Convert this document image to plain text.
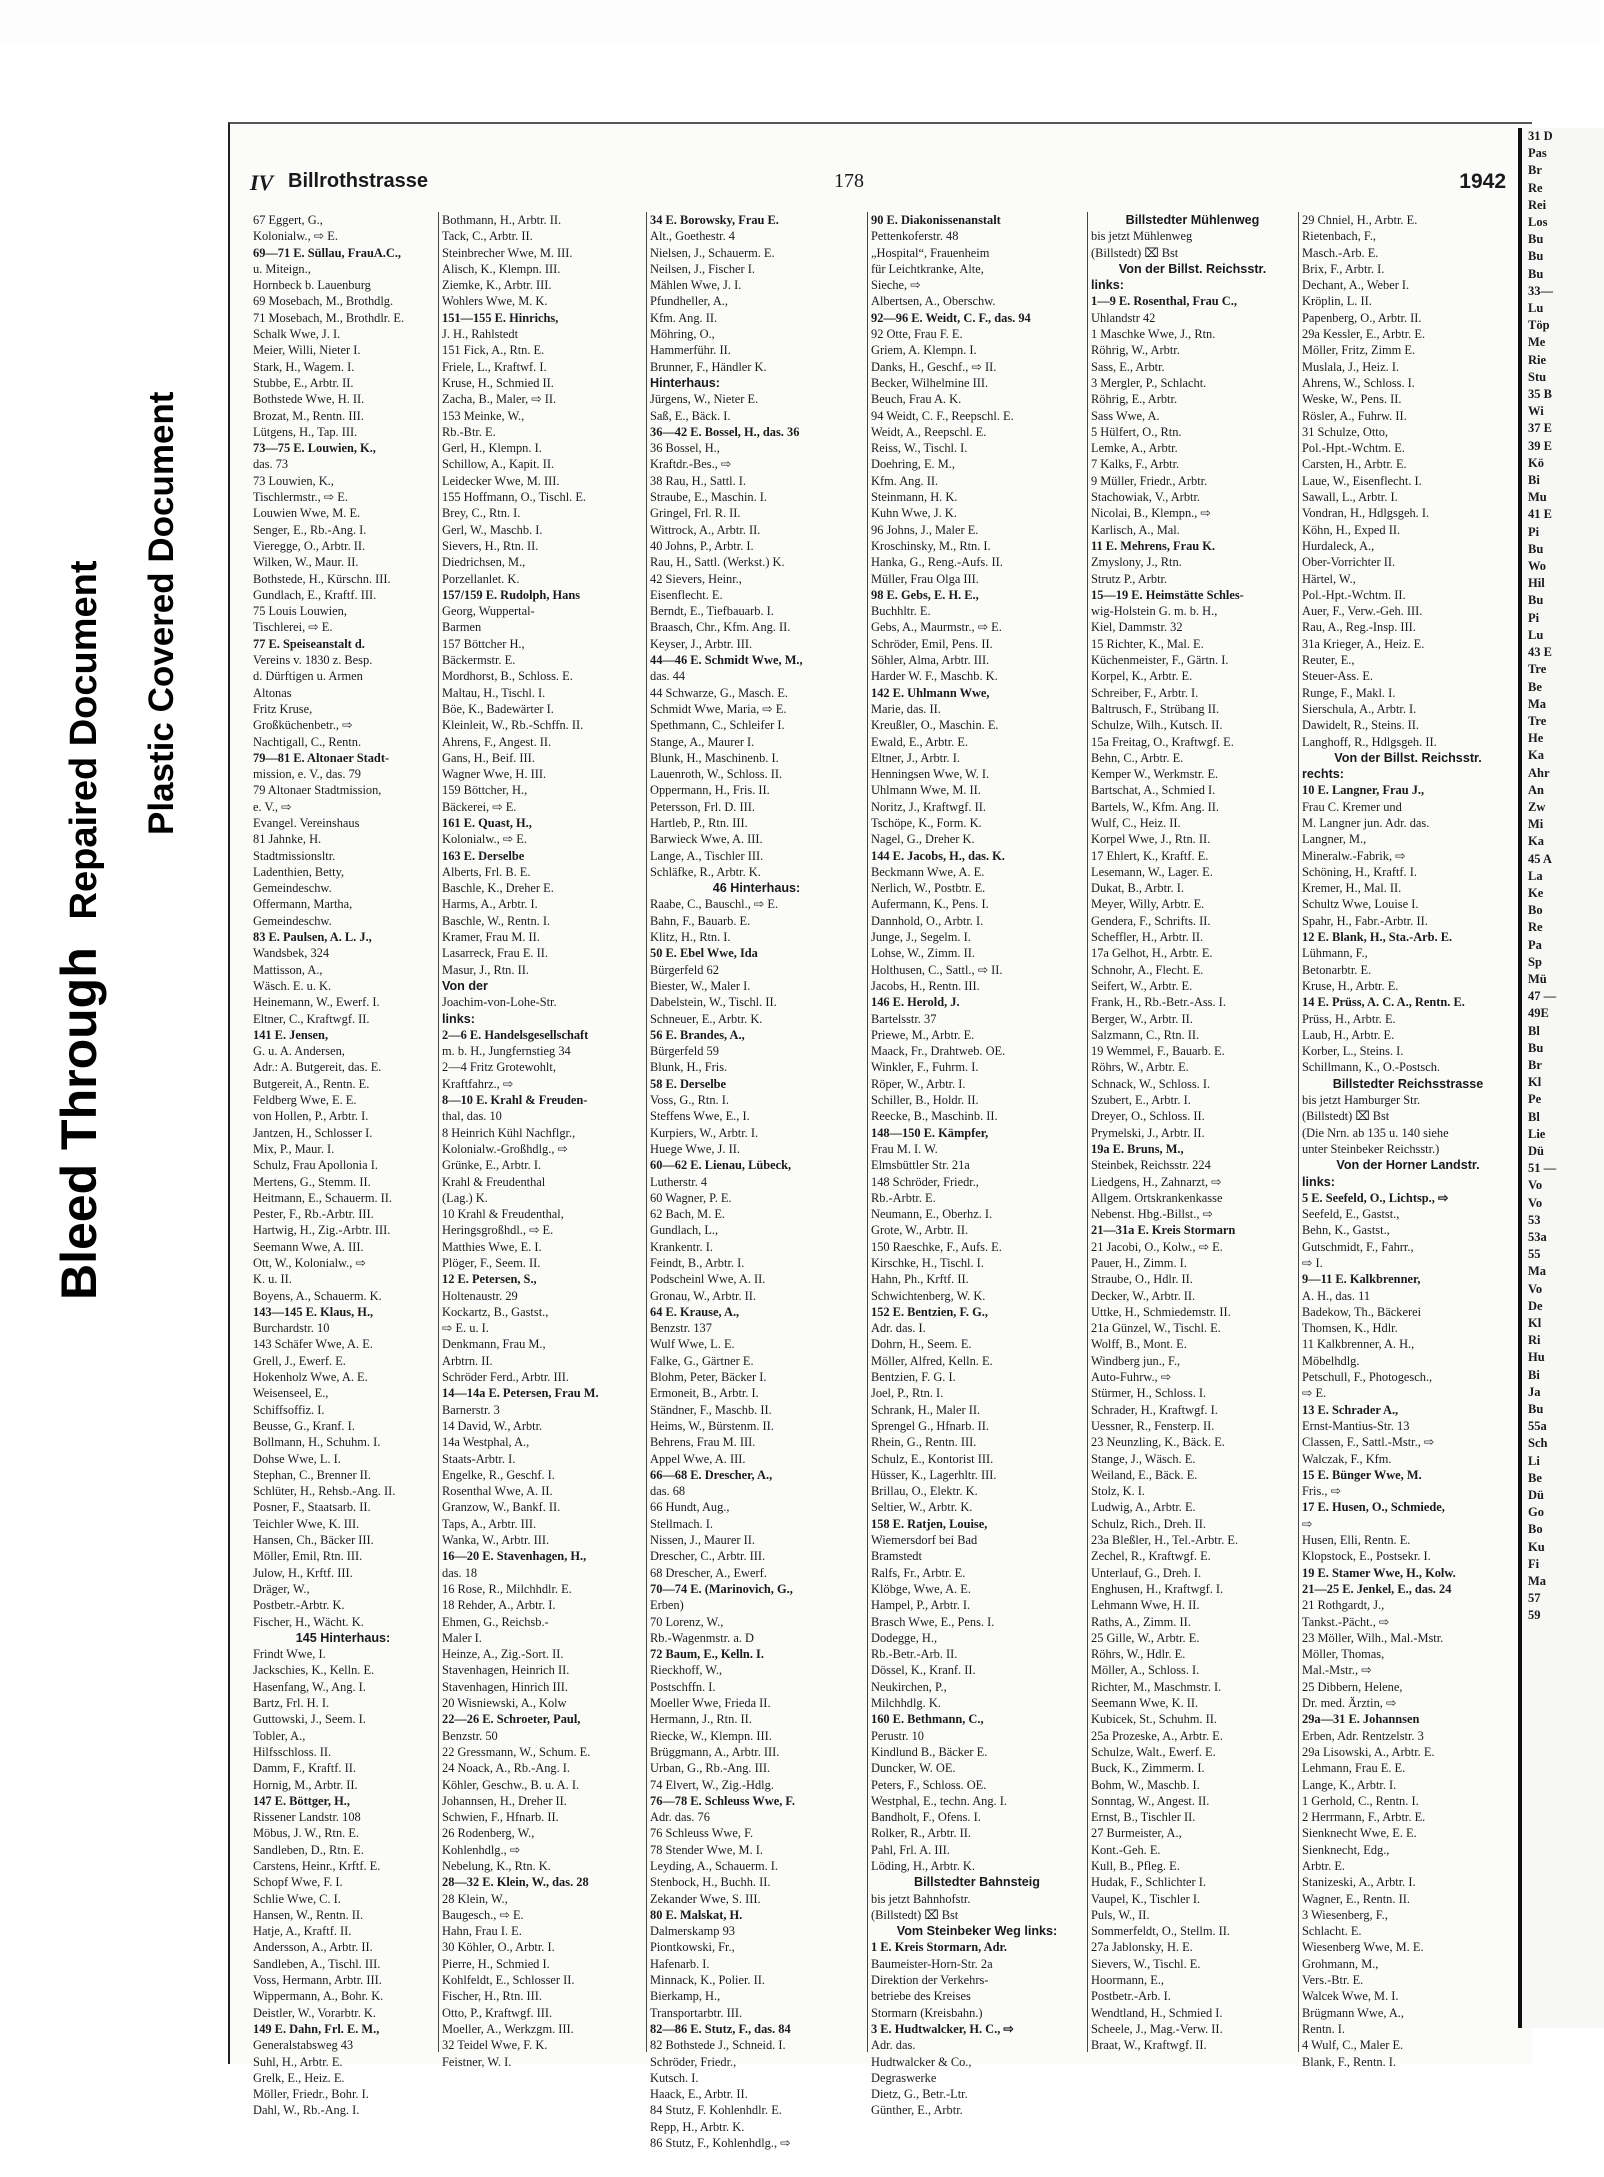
Bleed Through  Repaired Document Plastic Covered Document
IV Billrothstrasse	178	1942
67 Eggert, G.,
Kolonialw., ⇨ E.
69—71 E. Süllau, FrauA.C.,
u. Miteign.,
Hornbeck b. Lauenburg
69 Mosebach, M., Brothdlg.
71 Mosebach, M., Brothdlr. E.
Schalk Wwe, J. I.
Meier, Willi, Nieter I.
Stark, H., Wagem. I.
Stubbe, E., Arbtr. II.
Bothstede Wwe, H. II.
Brozat, M., Rentn. III.
Lütgens, H., Tap. III.
73—75 E. Louwien, K.,
das. 73
73 Louwien, K.,
Tischlermstr., ⇨ E.
Louwien Wwe, M. E.
Senger, E., Rb.-Ang. I.
Vieregge, O., Arbtr. II.
Wilken, W., Maur. II.
Bothstede, H., Kürschn. III.
Gundlach, E., Kraftf. III.
75 Louis Louwien,
Tischlerei, ⇨ E.
77 E. Speiseanstalt d.
Vereins v. 1830 z. Besp.
d. Dürftigen u. Armen
Altonas
Fritz Kruse,
Großküchenbetr., ⇨
Nachtigall, C., Rentn.
79—81 E. Altonaer Stadt-
mission, e. V., das. 79
79 Altonaer Stadtmission,
e. V., ⇨
Evangel. Vereinshaus
81 Jahnke, H.
Stadtmissionsltr.
Ladenthien, Betty,
Gemeindeschw.
Offermann, Martha,
Gemeindeschw.
83 E. Paulsen, A. L. J.,
Wandsbek, 324
Mattisson, A.,
Wäsch. E. u. K.
Heinemann, W., Ewerf. I.
Eltner, C., Kraftwgf. II.
141 E. Jensen,
G. u. A. Andersen,
Adr.: A. Butgereit, das. E.
Butgereit, A., Rentn. E.
Feldberg Wwe, E. E.
von Hollen, P., Arbtr. I.
Jantzen, H., Schlosser I.
Mix, P., Maur. I.
Schulz, Frau Apollonia I.
Mertens, G., Stemm. II.
Heitmann, E., Schauerm. II.
Pester, F., Rb.-Arbtr. III.
Hartwig, H., Zig.-Arbtr. III.
Seemann Wwe, A. III.
Ott, W., Kolonialw., ⇨
K. u. II.
Boyens, A., Schauerm. K.
143—145 E. Klaus, H.,
Burchardstr. 10
143 Schäfer Wwe, A. E.
Grell, J., Ewerf. E.
Hokenholz Wwe, A. E.
Weisenseel, E.,
Schiffsoffiz. I.
Beusse, G., Kranf. I.
Bollmann, H., Schuhm. I.
Dohse Wwe, L. I.
Stephan, C., Brenner II.
Schlüter, H., Rehsb.-Ang. II.
Posner, F., Staatsarb. II.
Teichler Wwe, K. III.
Hansen, Ch., Bäcker III.
Möller, Emil, Rtn. III.
Julow, H., Krftf. III.
Dräger, W.,
Postbetr.-Arbtr. K.
Fischer, H., Wächt. K.
145 Hinterhaus:
Frindt Wwe, I.
Jackschies, K., Kelln. E.
Hasenfang, W., Ang. I.
Bartz, Frl. H. I.
Guttowski, J., Seem. I.
Tobler, A.,
Hilfsschloss. II.
Damm, F., Kraftf. II.
Hornig, M., Arbtr. II.
147 E. Böttger, H.,
Rissener Landstr. 108
Möbus, J. W., Rtn. E.
Sandleben, D., Rtn. E.
Carstens, Heinr., Krftf. E.
Schopf Wwe, F. I.
Schlie Wwe, C. I.
Hansen, W., Rentn. II.
Hatje, A., Kraftf. II.
Andersson, A., Arbtr. II.
Sandleben, A., Tischl. III.
Voss, Hermann, Arbtr. III.
Wippermann, A., Bohr. K.
Deistler, W., Vorarbtr. K.
149 E. Dahn, Frl. E. M.,
Generalstabsweg 43
Suhl, H., Arbtr. E.
Grelk, E., Heiz. E.
Möller, Friedr., Bohr. I.
Dahl, W., Rb.-Ang. I.
Bothmann, H., Arbtr. II.
Tack, C., Arbtr. II.
Steinbrecher Wwe, M. III.
Alisch, K., Klempn. III.
Ziemke, K., Arbtr. III.
Wohlers Wwe, M. K.
151—155 E. Hinrichs,
J. H., Rahlstedt
151 Fick, A., Rtn. E.
Friele, L., Kraftwf. I.
Kruse, H., Schmied II.
Zacha, B., Maler, ⇨ II.
153 Meinke, W.,
Rb.-Btr. E.
Gerl, H., Klempn. I.
Schillow, A., Kapit. II.
Leidecker Wwe, M. III.
155 Hoffmann, O., Tischl. E.
Brey, C., Rtn. I.
Gerl, W., Maschb. I.
Sievers, H., Rtn. II.
Diedrichsen, M.,
Porzellanlet. K.
157/159 E. Rudolph, Hans
Georg, Wuppertal-
Barmen
157 Böttcher H.,
Bäckermstr. E.
Mordhorst, B., Schloss. E.
Maltau, H., Tischl. I.
Böe, K., Badewärter I.
Kleinleit, W., Rb.-Schffn. II.
Ahrens, F., Angest. II.
Gans, H., Beif. III.
Wagner Wwe, H. III.
159 Böttcher, H.,
Bäckerei, ⇨ E.
161 E. Quast, H.,
Kolonialw., ⇨ E.
163 E. Derselbe
Alberts, Frl. B. E.
Baschle, K., Dreher E.
Harms, A., Arbtr. I.
Baschle, W., Rentn. I.
Kramer, Frau M. II.
Lasarreck, Frau E. II.
Masur, J., Rtn. II.
Von der
Joachim-von-Lohe-Str.
links:
2—6 E. Handelsgesellschaft
m. b. H., Jungfernstieg 34
2—4 Fritz Grotewohlt,
Kraftfahrz., ⇨
8—10 E. Krahl & Freuden-
thal, das. 10
8 Heinrich Kühl Nachflgr.,
Kolonialw.-Großhdlg., ⇨
Grünke, E., Arbtr. I.
Krahl & Freudenthal
(Lag.) K.
10 Krahl & Freudenthal,
Heringsgroßhdl., ⇨ E.
Matthies Wwe, E. I.
Plöger, F., Seem. II.
12 E. Petersen, S.,
Holtenaustr. 29
Kockartz, B., Gastst.,
⇨ E. u. I.
Denkmann, Frau M.,
Arbtrn. II.
Schröder Ferd., Arbtr. III.
14—14a E. Petersen, Frau M.
Barnerstr. 3
14 David, W., Arbtr.
14a Westphal, A.,
Staats-Arbtr. I.
Engelke, R., Geschf. I.
Rosenthal Wwe, A. II.
Granzow, W., Bankf. II.
Taps, A., Arbtr. III.
Wanka, W., Arbtr. III.
16—20 E. Stavenhagen, H.,
das. 18
16 Rose, R., Milchhdlr. E.
18 Rehder, A., Arbtr. I.
Ehmen, G., Reichsb.-
Maler I.
Heinze, A., Zig.-Sort. II.
Stavenhagen, Heinrich II.
Stavenhagen, Hinrich III.
20 Wisniewski, A., Kolw
22—26 E. Schroeter, Paul,
Benzstr. 50
22 Gressmann, W., Schum. E.
24 Noack, A., Rb.-Ang. I.
Köhler, Geschw., B. u. A. I.
Johannsen, H., Dreher II.
Schwien, F., Hfnarb. II.
26 Rodenberg, W.,
Kohlenhdlg., ⇨
Nebelung, K., Rtn. K.
28—32 E. Klein, W., das. 28
28 Klein, W.,
Baugesch., ⇨ E.
Hahn, Frau I. E.
30 Köhler, O., Arbtr. I.
Pierre, H., Schmied I.
Kohlfeldt, E., Schlosser II.
Fischer, H., Rtn. III.
Otto, P., Kraftwgf. III.
Moeller, A., Werkzgm. III.
32 Teidel Wwe, F. K.
Feistner, W. I.
34 E. Borowsky, Frau E.
Alt., Goethestr. 4
Nielsen, J., Schauerm. E.
Neilsen, J., Fischer I.
Mählen Wwe, J. I.
Pfundheller, A.,
Kfm. Ang. II.
Möhring, O.,
Hammerführ. II.
Brunner, F., Händler K.
Hinterhaus:
Jürgens, W., Nieter E.
Saß, E., Bäck. I.
36—42 E. Bossel, H., das. 36
36 Bossel, H.,
Kraftdr.-Bes., ⇨
38 Rau, H., Sattl. I.
Straube, E., Maschin. I.
Gringel, Frl. R. II.
Wittrock, A., Arbtr. II.
40 Johns, P., Arbtr. I.
Rau, H., Sattl. (Werkst.) K.
42 Sievers, Heinr.,
Eisenflecht. E.
Berndt, E., Tiefbauarb. I.
Braasch, Chr., Kfm. Ang. II.
Keyser, J., Arbtr. III.
44—46 E. Schmidt Wwe, M.,
das. 44
44 Schwarze, G., Masch. E.
Schmidt Wwe, Maria, ⇨ E.
Spethmann, C., Schleifer I.
Stange, A., Maurer I.
Blunk, H., Maschinenb. I.
Lauenroth, W., Schloss. II.
Oppermann, H., Fris. II.
Petersson, Frl. D. III.
Hartleb, P., Rtn. III.
Barwieck Wwe, A. III.
Lange, A., Tischler III.
Schläfke, R., Arbtr. K.
46 Hinterhaus:
Raabe, C., Bauschl., ⇨ E.
Bahn, F., Bauarb. E.
Klitz, H., Rtn. I.
50 E. Ebel Wwe, Ida
Bürgerfeld 62
Biester, W., Maler I.
Dabelstein, W., Tischl. II.
Schneuer, E., Arbtr. K.
56 E. Brandes, A.,
Bürgerfeld 59
Blunk, H., Fris.
58 E. Derselbe
Voss, G., Rtn. I.
Steffens Wwe, E., I.
Kurpiers, W., Arbtr. I.
Huege Wwe, J. II.
60—62 E. Lienau, Lübeck,
Lutherstr. 4
60 Wagner, P. E.
62 Bach, M. E.
Gundlach, L.,
Krankentr. I.
Feindt, B., Arbtr. I.
Podscheinl Wwe, A. II.
Gronau, W., Arbtr. II.
64 E. Krause, A.,
Benzstr. 137
Wulf Wwe, L. E.
Falke, G., Gärtner E.
Blohm, Peter, Bäcker I.
Ermoneit, B., Arbtr. I.
Ständner, F., Maschb. II.
Heims, W., Bürstenm. II.
Behrens, Frau M. III.
Appel Wwe, A. III.
66—68 E. Drescher, A.,
das. 68
66 Hundt, Aug.,
Stellmach. I.
Nissen, J., Maurer II.
Drescher, C., Arbtr. III.
68 Drescher, A., Ewerf.
70—74 E. (Marinovich, G.,
Erben)
70 Lorenz, W.,
Rb.-Wagenmstr. a. D
72 Baum, E., Kelln. I.
Rieckhoff, W.,
Postschffn. I.
Moeller Wwe, Frieda II.
Hermann, J., Rtn. II.
Riecke, W., Klempn. III.
Brüggmann, A., Arbtr. III.
Urban, G., Rb.-Ang. III.
74 Elvert, W., Zig.-Hdlg.
76—78 E. Schleuss Wwe, F.
Adr. das. 76
76 Schleuss Wwe, F.
78 Stender Wwe, M. I.
Leyding, A., Schauerm. I.
Stenbock, H., Buchh. II.
Zekander Wwe, S. III.
80 E. Malskat, H.
Dalmerskamp 93
Piontkowski, Fr.,
Hafenarb. I.
Minnack, K., Polier. II.
Bierkamp, H.,
Transportarbtr. III.
82—86 E. Stutz, F., das. 84
82 Bothstede J., Schneid. I.
Schröder, Friedr.,
Kutsch. I.
Haack, E., Arbtr. II.
84 Stutz, F. Kohlenhdlr. E.
Repp, H., Arbtr. K.
86 Stutz, F., Kohlenhdlg., ⇨
90 E. Diakonissenanstalt
Pettenkoferstr. 48
„Hospital“, Frauenheim
für Leichtkranke, Alte,
Sieche, ⇨
Albertsen, A., Oberschw.
92—96 E. Weidt, C. F., das. 94
92 Otte, Frau F. E.
Griem, A. Klempn. I.
Danks, H., Geschf., ⇨ II.
Becker, Wilhelmine III.
Beuch, Frau A. K.
94 Weidt, C. F., Reepschl. E.
Weidt, A., Reepschl. E.
Reiss, W., Tischl. I.
Doehring, E. M.,
Kfm. Ang. II.
Steinmann, H. K.
Kuhn Wwe, J. K.
96 Johns, J., Maler E.
Kroschinsky, M., Rtn. I.
Hanka, G., Reng.-Aufs. II.
Müller, Frau Olga III.
98 E. Gebs, E. H. E.,
Buchhltr. E.
Gebs, A., Maurmstr., ⇨ E.
Schröder, Emil, Pens. II.
Söhler, Alma, Arbtr. III.
Harder W. F., Maschb. K.
142 E. Uhlmann Wwe,
Marie, das. II.
Kreußler, O., Maschin. E.
Ewald, E., Arbtr. E.
Eltner, J., Arbtr. I.
Henningsen Wwe, W. I.
Uhlmann Wwe, M. II.
Noritz, J., Kraftwgf. II.
Tschöpe, K., Form. K.
Nagel, G., Dreher K.
144 E. Jacobs, H., das. K.
Beckmann Wwe, A. E.
Nerlich, W., Postbtr. E.
Aufermann, K., Pens. I.
Dannhold, O., Arbtr. I.
Junge, J., Segelm. I.
Lohse, W., Zimm. II.
Holthusen, C., Sattl., ⇨ II.
Jacobs, H., Rentn. III.
146 E. Herold, J.
Bartelsstr. 37
Priewe, M., Arbtr. E.
Maack, Fr., Drahtweb. OE.
Winkler, F., Fuhrm. I.
Röper, W., Arbtr. I.
Schiller, B., Holdr. II.
Reecke, B., Maschinb. II.
148—150 E. Kämpfer,
Frau M. I. W.
Elmsbüttler Str. 21a
148 Schröder, Friedr.,
Rb.-Arbtr. E.
Neumann, E., Oberhz. I.
Grote, W., Arbtr. II.
150 Raeschke, F., Aufs. E.
Kirschke, H., Tischl. I.
Hahn, Ph., Krftf. II.
Schwichtenberg, W. K.
152 E. Bentzien, F. G.,
Adr. das. I.
Dohrn, H., Seem. E.
Möller, Alfred, Kelln. E.
Bentzien, F. G. I.
Joel, P., Rtn. I.
Schrank, H., Maler II.
Sprengel G., Hfnarb. II.
Rhein, G., Rentn. III.
Schulz, E., Kontorist III.
Hüsser, K., Lagerhltr. III.
Brillau, O., Elektr. K.
Seltier, W., Arbtr. K.
158 E. Ratjen, Louise,
Wiemersdorf bei Bad
Bramstedt
Ralfs, Fr., Arbtr. E.
Klöbge, Wwe, A. E.
Hampel, P., Arbtr. I.
Brasch Wwe, E., Pens. I.
Dodegge, H.,
Rb.-Betr.-Arb. II.
Dössel, K., Kranf. II.
Neukirchen, P.,
Milchhdlg. K.
160 E. Bethmann, C.,
Perustr. 10
Kindlund B., Bäcker E.
Duncker, W. OE.
Peters, F., Schloss. OE.
Westphal, E., techn. Ang. I.
Bandholt, F., Ofens. I.
Rolker, R., Arbtr. II.
Pahl, Frl. A. III.
Löding, H., Arbtr. K.
Billstedter Bahnsteig
bis jetzt Bahnhofstr.
(Billstedt) ⌧ Bst
Vom Steinbeker Weg links:
1 E. Kreis Stormarn, Adr.
Baumeister-Horn-Str. 2a
Direktion der Verkehrs-
betriebe des Kreises
Stormarn (Kreisbahn.)
3 E. Hudtwalcker, H. C., ⇨
Adr. das.
Hudtwalcker & Co.,
Degraswerke
Dietz, G., Betr.-Ltr.
Günther, E., Arbtr.
Billstedter Mühlenweg
bis jetzt Mühlenweg
(Billstedt) ⌧ Bst
Von der Billst. Reichsstr.
links:
1—9 E. Rosenthal, Frau C.,
Uhlandstr 42
1 Maschke Wwe, J., Rtn.
Röhrig, W., Arbtr.
Sass, E., Arbtr.
3 Mergler, P., Schlacht.
Röhrig, E., Arbtr.
Sass Wwe, A.
5 Hülfert, O., Rtn.
Lemke, A., Arbtr.
7 Kalks, F., Arbtr.
9 Müller, Friedr., Arbtr.
Stachowiak, V., Arbtr.
Nicolai, B., Klempn., ⇨
Karlisch, A., Mal.
11 E. Mehrens, Frau K.
Zmyslony, J., Rtn.
Strutz P., Arbtr.
15—19 E. Heimstätte Schles-
wig-Holstein G. m. b. H.,
Kiel, Dammstr. 32
15 Richter, K., Mal. E.
Küchenmeister, F., Gärtn. I.
Korpel, K., Arbtr. E.
Schreiber, F., Arbtr. I.
Baltrusch, F., Strübang II.
Schulze, Wilh., Kutsch. II.
15a Freitag, O., Kraftwgf. E.
Behn, C., Arbtr. E.
Kemper W., Werkmstr. E.
Bartschat, A., Schmied I.
Bartels, W., Kfm. Ang. II.
Wulf, C., Heiz. II.
Korpel Wwe, J., Rtn. II.
17 Ehlert, K., Kraftf. E.
Lesemann, W., Lager. E.
Dukat, B., Arbtr. I.
Meyer, Willy, Arbtr. E.
Gendera, F., Schrifts. II.
Scheffler, H., Arbtr. II.
17a Gelhot, H., Arbtr. E.
Schnohr, A., Flecht. E.
Seifert, W., Arbtr. E.
Frank, H., Rb.-Betr.-Ass. I.
Berger, W., Arbtr. II.
Salzmann, C., Rtn. II.
19 Wemmel, F., Bauarb. E.
Röhrs, W., Arbtr. E.
Schnack, W., Schloss. I.
Szubert, E., Arbtr. I.
Dreyer, O., Schloss. II.
Prymelski, J., Arbtr. II.
19a E. Bruns, M.,
Steinbek, Reichsstr. 224
Liedgens, H., Zahnarzt, ⇨
Allgem. Ortskrankenkasse
Nebenst. Hbg.-Billst., ⇨
21—31a E. Kreis Stormarn
21 Jacobi, O., Kolw., ⇨ E.
Pauer, H., Zimm. I.
Straube, O., Hdlr. II.
Decker, W., Arbtr. II.
Uttke, H., Schmiedemstr. II.
21a Günzel, W., Tischl. E.
Wolff, B., Mont. E.
Windberg jun., F.,
Auto-Fuhrw., ⇨
Stürmer, H., Schloss. I.
Schrader, H., Kraftwgf. I.
Uessner, R., Fensterp. II.
23 Neunzling, K., Bäck. E.
Stange, J., Wäsch. E.
Weiland, E., Bäck. E.
Stolz, K. I.
Ludwig, A., Arbtr. E.
Schulz, Rich., Dreh. II.
23a Bleßler, H., Tel.-Arbtr. E.
Zechel, R., Kraftwgf. E.
Unterlauf, G., Dreh. I.
Enghusen, H., Kraftwgf. I.
Lehmann Wwe, H. II.
Raths, A., Zimm. II.
25 Gille, W., Arbtr. E.
Röhrs, W., Hdlr. E.
Möller, A., Schloss. I.
Richter, M., Maschmstr. I.
Seemann Wwe, K. II.
Kubicek, St., Schuhm. II.
25a Prozeske, A., Arbtr. E.
Schulze, Walt., Ewerf. E.
Buck, K., Zimmerm. I.
Bohm, W., Maschb. I.
Sonntag, W., Angest. II.
Ernst, B., Tischler II.
27 Burmeister, A.,
Kont.-Geh. E.
Kull, B., Pfleg. E.
Hudak, F., Schlichter I.
Vaupel, K., Tischler I.
Puls, W., II.
Sommerfeldt, O., Stellm. II.
27a Jablonsky, H. E.
Sievers, W., Tischl. E.
Hoormann, E.,
Postbetr.-Arb. I.
Wendtland, H., Schmied I.
Scheele, J., Mag.-Verw. II.
Braat, W., Kraftwgf. II.
29 Chniel, H., Arbtr. E.
Rietenbach, F.,
Masch.-Arb. E.
Brix, F., Arbtr. I.
Dechant, A., Weber I.
Kröplin, L. II.
Papenberg, O., Arbtr. II.
29a Kessler, E., Arbtr. E.
Möller, Fritz, Zimm E.
Muslala, J., Heiz. I.
Ahrens, W., Schloss. I.
Weske, W., Pens. II.
Rösler, A., Fuhrw. II.
31 Schulze, Otto,
Pol.-Hpt.-Wchtm. E.
Carsten, H., Arbtr. E.
Laue, W., Eisenflecht. I.
Sawall, L., Arbtr. I.
Vondran, H., Hdlgsgeh. I.
Köhn, H., Exped II.
Hurdaleck, A.,
Ober-Vorrichter II.
Härtel, W.,
Pol.-Hpt.-Wchtm. II.
Auer, F., Verw.-Geh. III.
Rau, A., Reg.-Insp. III.
31a Krieger, A., Heiz. E.
Reuter, E.,
Steuer-Ass. E.
Runge, F., Makl. I.
Sierschula, A., Arbtr. I.
Dawidelt, R., Steins. II.
Langhoff, R., Hdlgsgeh. II.
Von der Billst. Reichsstr.
rechts:
10 E. Langner, Frau J.,
Frau C. Kremer und
M. Langner jun. Adr. das.
Langner, M.,
Mineralw.-Fabrik, ⇨
Schöning, H., Kraftf. I.
Kremer, H., Mal. II.
Schultz Wwe, Louise I.
Spahr, H., Fabr.-Arbtr. II.
12 E. Blank, H., Sta.-Arb. E.
Lühmann, F.,
Betonarbtr. E.
Kruse, H., Arbtr. E.
14 E. Prüss, A. C. A., Rentn. E.
Prüss, H., Arbtr. E.
Laub, H., Arbtr. E.
Korber, L., Steins. I.
Schillmann, K., O.-Postsch.
Billstedter Reichsstrasse
bis jetzt Hamburger Str.
(Billstedt) ⌧ Bst
(Die Nrn. ab 135 u. 140 siehe
unter Steinbeker Reichsstr.)
Von der Horner Landstr.
links:
5 E. Seefeld, O., Lichtsp., ⇨
Seefeld, E., Gastst.,
Behn, K., Gastst.,
Gutschmidt, F., Fahrr.,
⇨ I.
9—11 E. Kalkbrenner,
A. H., das. 11
Badekow, Th., Bäckerei
Thomsen, K., Hdlr.
11 Kalkbrenner, A. H.,
Möbelhdlg.
Petschull, F., Photogesch.,
⇨ E.
13 E. Schrader A.,
Ernst-Mantius-Str. 13
Classen, F., Sattl.-Mstr., ⇨
Walczak, F., Kfm.
15 E. Bünger Wwe, M.
Fris., ⇨
17 E. Husen, O., Schmiede,
⇨
Husen, Elli, Rentn. E.
Klopstock, E., Postsekr. I.
19 E. Stamer Wwe, H., Kolw.
21—25 E. Jenkel, E., das. 24
21 Rothgardt, J.,
Tankst.-Pächt., ⇨
23 Möller, Wilh., Mal.-Mstr.
Möller, Thomas,
Mal.-Mstr., ⇨
25 Dibbern, Helene,
Dr. med. Ärztin, ⇨
29a—31 E. Johannsen
Erben, Adr. Rentzelstr. 3
29a Lisowski, A., Arbtr. E.
Lehmann, Frau E. E.
Lange, K., Arbtr. I.
1 Gerhold, C., Rentn. I.
2 Herrmann, F., Arbtr. E.
Sienknecht Wwe, E. E.
Sienknecht, Edg.,
Arbtr. E.
Stanizeski, A., Arbtr. I.
Wagner, E., Rentn. II.
3 Wiesenberg, F.,
Schlacht. E.
Wiesenberg Wwe, M. E.
Grohmann, M.,
Vers.-Btr. E.
Walcek Wwe, M. I.
Brügmann Wwe, A.,
Rentn. I.
4 Wulf, C., Maler E.
Blank, F., Rentn. I.
31 D
Pas
Br
Re
Rei
Los
Bu
Bu
Bu
33—
Lu
Töp
Me
Rie
Stu
35 B
Wi
37 E
39 E
Kö
Bi
Mu
41 E
Pi
Bu
Wo
Hil
Bu
Pi
Lu
43 E
Tre
Be
Ma
Tre
He
Ka
Ahr
An
Zw
Mi
Ka
45 A
La
Ke
Bo
Re
Pa
Sp
Mü
47 —
49E
Bl
Bu
Br
Kl
Pe
Bl
Lie
Dü
51 —
Vo
Vo
53
53a
55
Ma
Vo
De
Kl
Ri
Hu
Bi
Ja
Bu
55a
Sch
Li
Be
Dü
Go
Bo
Ku
Fi
Ma
57
59
